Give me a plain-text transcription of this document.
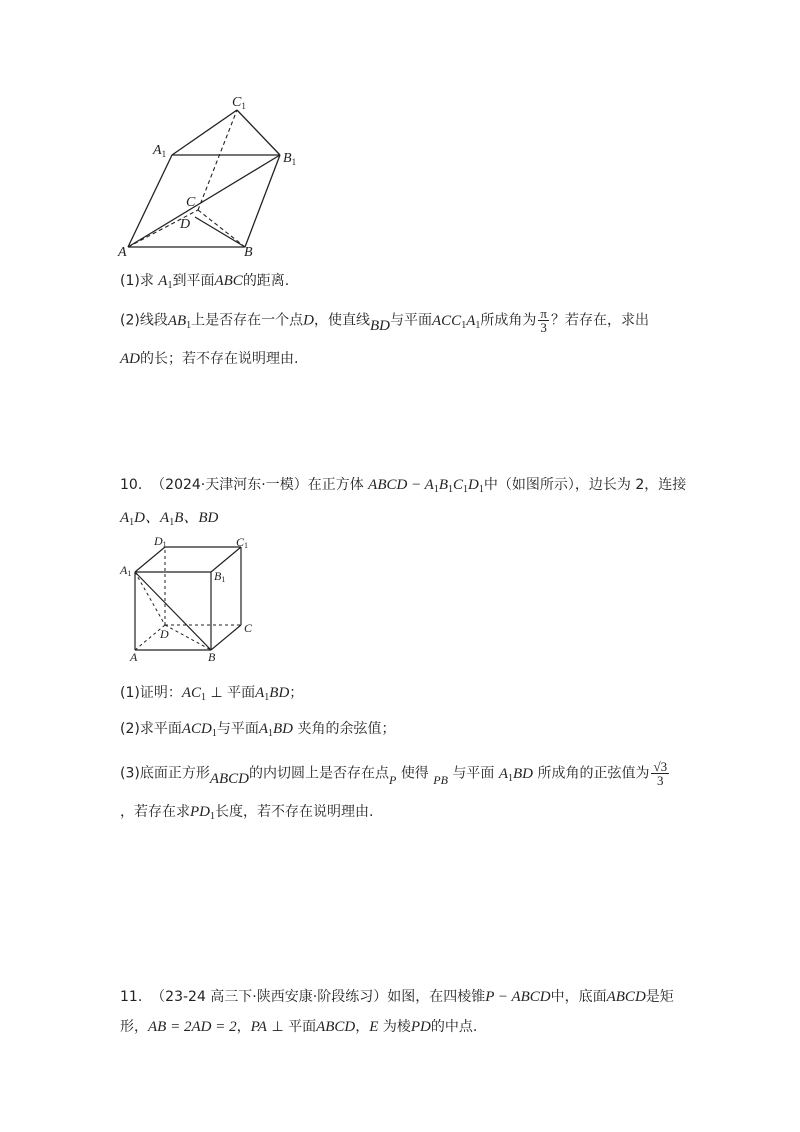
$C_1$
$A_1$	$B_1$
C
D
A	B
(1)求 $A_1$到平面ABC的距离.
(2)线段$AB_1$上是否存在一个点D，使直线BD与平面$ACC_1A_1$所成角为 $\frac{\pi}{3}$ ？若存在，求出
AD的长；若不存在说明理由.
10. （2024·天津河东·一模）在正方体 ABCD − $A_1B_1C_1D_1$中（如图所示），边长为 2，连接
$A_1D$、$A_1B$、BD
D1	C1
A1	B1
D	C
A	B
(1)证明：$AC_1$ ⊥ 平面$A_1BD$；
(2)求平面$ACD_1$与平面$A_1BD$ 夹角的余弦值；
(3)底面正方形ABCD的内切圆上是否存在点P 使得 PB 与平面 $A_1BD$ 所成角的正弦值为 $\frac{√3}{3}$
，若存在求$PD_1$长度，若不存在说明理由.
11. （23-24 高三下·陕西安康·阶段练习）如图，在四棱锥P − ABCD中，底面ABCD是矩
形，AB = 2AD = 2，PA ⊥ 平面ABCD，E 为棱PD的中点.
